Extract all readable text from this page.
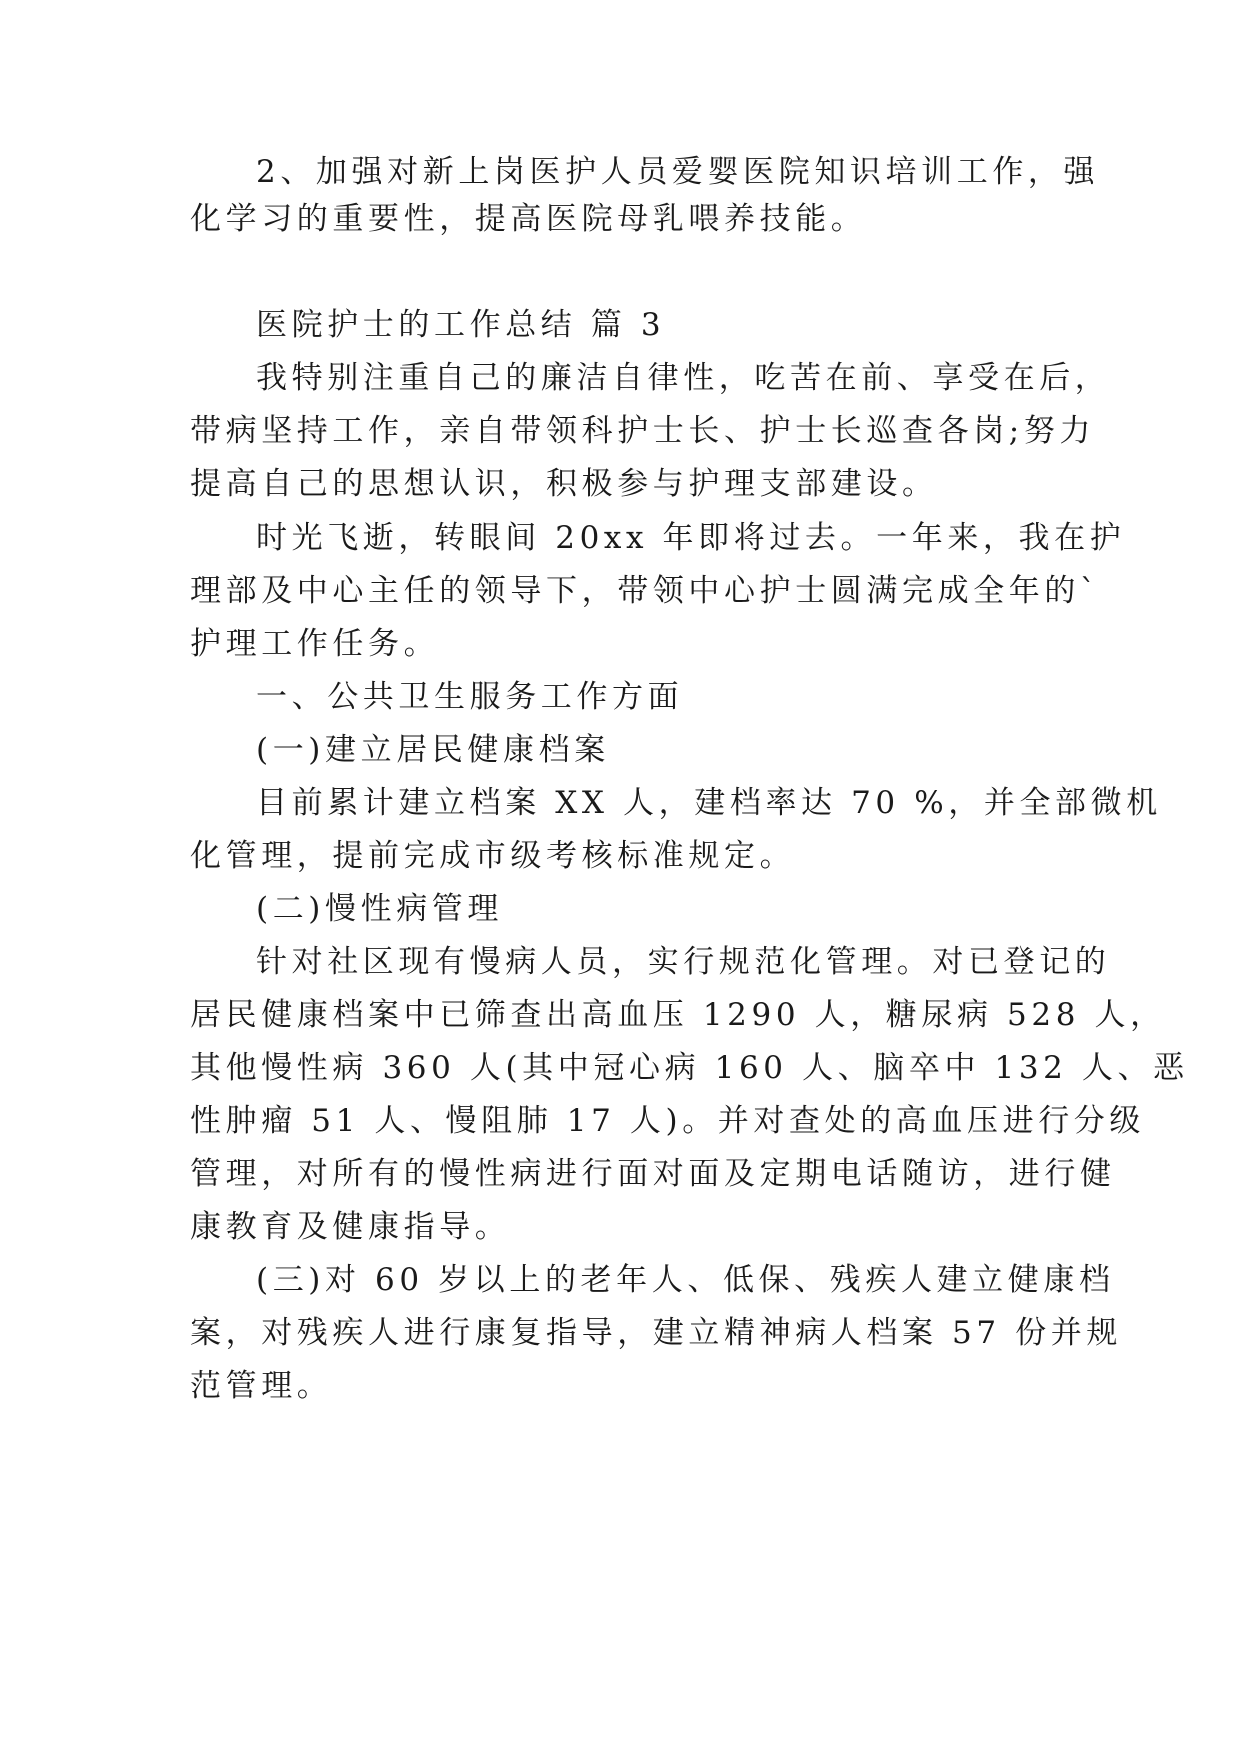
2、加强对新上岗医护人员爱婴医院知识培训工作，强
化学习的重要性，提高医院母乳喂养技能。
医院护士的工作总结 篇 3
我特别注重自己的廉洁自律性，吃苦在前、享受在后，
带病坚持工作，亲自带领科护士长、护士长巡查各岗;努力
提高自己的思想认识，积极参与护理支部建设。
时光飞逝，转眼间 20xx 年即将过去。一年来，我在护
理部及中心主任的领导下，带领中心护士圆满完成全年的`
护理工作任务。
一、公共卫生服务工作方面
(一)建立居民健康档案
目前累计建立档案 XX 人，建档率达 70 %，并全部微机
化管理，提前完成市级考核标准规定。
(二)慢性病管理
针对社区现有慢病人员，实行规范化管理。对已登记的
居民健康档案中已筛查出高血压 1290 人，糖尿病 528 人，
其他慢性病 360 人(其中冠心病 160 人、脑卒中 132 人、恶
性肿瘤 51 人、慢阻肺 17 人)。并对查处的高血压进行分级
管理，对所有的慢性病进行面对面及定期电话随访，进行健
康教育及健康指导。
(三)对 60 岁以上的老年人、低保、残疾人建立健康档
案，对残疾人进行康复指导，建立精神病人档案 57 份并规
范管理。
